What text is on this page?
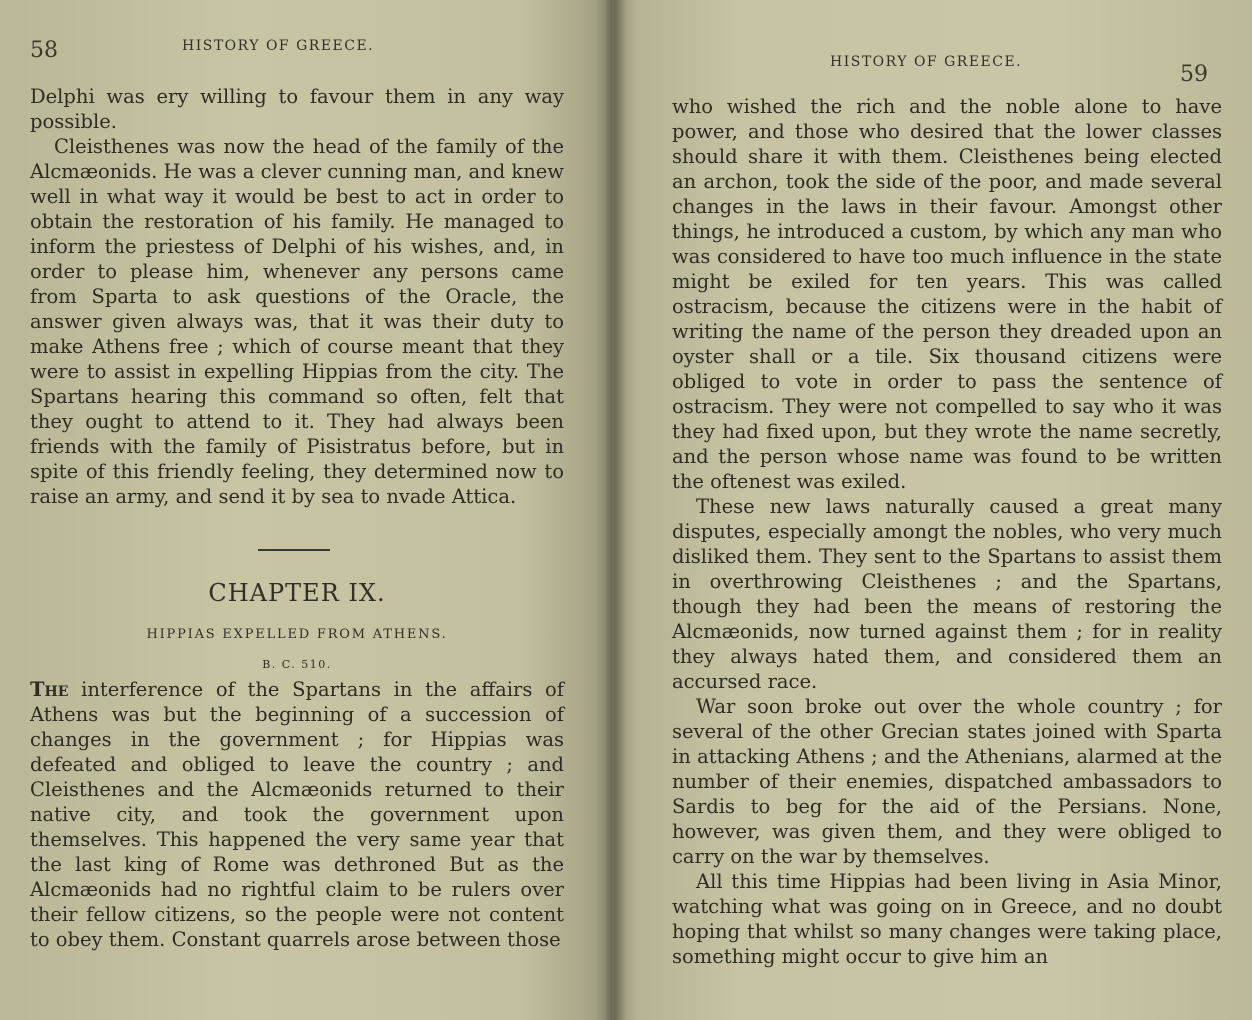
58	HISTORY OF GREECE.

Delphi was ery willing to favour them in any way possible.

Cleisthenes was now the head of the family of the Alcmæonids. He was a clever cunning man, and knew well in what way it would be best to act in order to obtain the restoration of his family. He managed to inform the priestess of Delphi of his wishes, and, in order to please him, whenever any persons came from Sparta to ask questions of the Oracle, the answer given always was, that it was their duty to make Athens free ; which of course meant that they were to assist in expelling Hippias from the city. The Spartans hearing this command so often, felt that they ought to attend to it. They had always been friends with the family of Pisistratus before, but in spite of this friendly feeling, they determined now to raise an army, and send it by sea to nvade Attica.

CHAPTER IX.
HIPPIAS EXPELLED FROM ATHENS.
B. C. 510.

The interference of the Spartans in the affairs of Athens was but the beginning of a succession of changes in the government ; for Hippias was defeated and obliged to leave the country ; and Cleisthenes and the Alcmæonids returned to their native city, and took the government upon themselves. This happened the very same year that the last king of Rome was dethroned But as the Alcmæonids had no rightful claim to be rulers over their fellow citizens, so the people were not content to obey them. Constant quarrels arose between those

HISTORY OF GREECE.	59

who wished the rich and the noble alone to have power, and those who desired that the lower classes should share it with them. Cleisthenes being elected an archon, took the side of the poor, and made several changes in the laws in their favour. Amongst other things, he introduced a custom, by which any man who was considered to have too much influence in the state might be exiled for ten years. This was called ostracism, because the citizens were in the habit of writing the name of the person they dreaded upon an oyster shall or a tile. Six thousand citizens were obliged to vote in order to pass the sentence of ostracism. They were not compelled to say who it was they had fixed upon, but they wrote the name secretly, and the person whose name was found to be written the oftenest was exiled.

These new laws naturally caused a great many disputes, especially amongt the nobles, who very much disliked them. They sent to the Spartans to assist them in overthrowing Cleisthenes ; and the Spartans, though they had been the means of restoring the Alcmæonids, now turned against them ; for in reality they always hated them, and considered them an accursed race.

War soon broke out over the whole country ; for several of the other Grecian states joined with Sparta in attacking Athens ; and the Athenians, alarmed at the number of their enemies, dispatched ambassadors to Sardis to beg for the aid of the Persians. None, however, was given them, and they were obliged to carry on the war by themselves.

All this time Hippias had been living in Asia Minor, watching what was going on in Greece, and no doubt hoping that whilst so many changes were taking place, something might occur to give him an
